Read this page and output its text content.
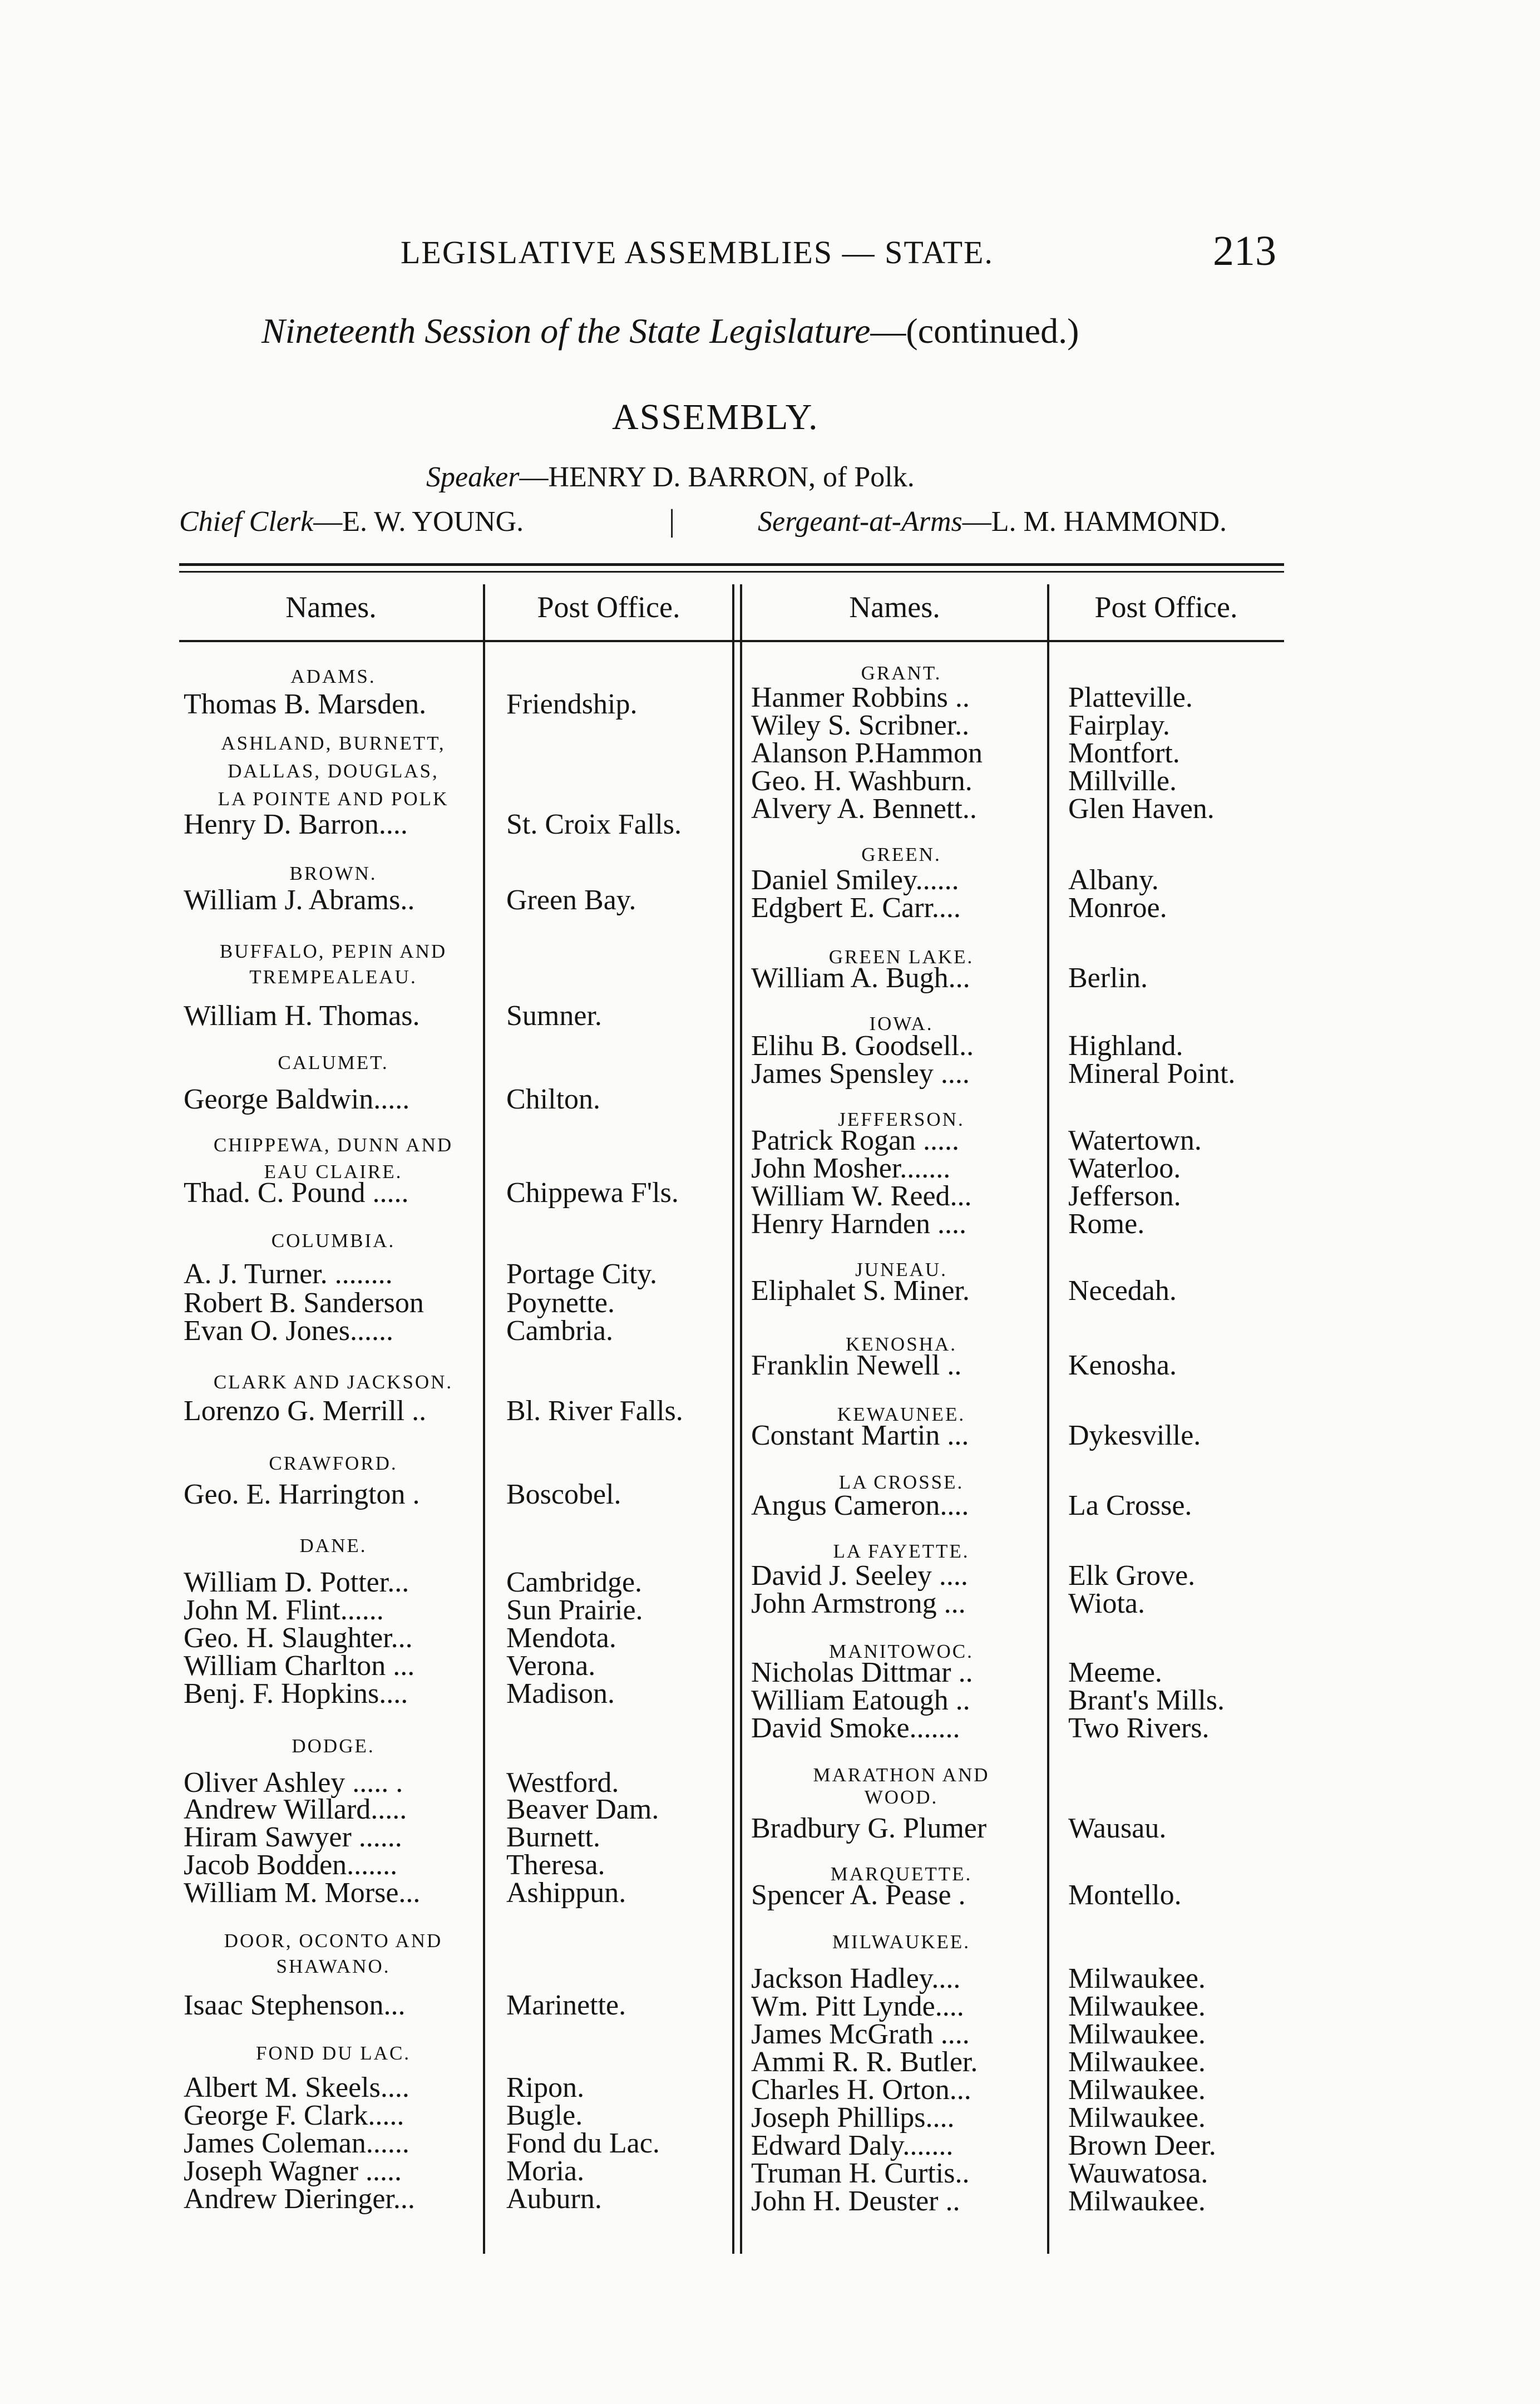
LEGISLATIVE ASSEMBLIES — STATE.	213
Nineteenth Session of the State Legislature—(continued.)
ASSEMBLY.
Speaker—HENRY D. BARRON, of Polk.
Chief Clerk—E. W. YOUNG.	|	Sergeant-at-Arms—L. M. HAMMOND.
Names.	Post Office.	Names.	Post Office.
ADAMS.
Thomas B. Marsden.	Friendship.
ASHLAND, BURNETT,
DALLAS, DOUGLAS,
LA POINTE AND POLK
Henry D. Barron....	St. Croix Falls.
BROWN.
William J. Abrams..	Green Bay.
BUFFALO, PEPIN AND
TREMPEALEAU.
William H. Thomas.	Sumner.
CALUMET.
George Baldwin.....	Chilton.
CHIPPEWA, DUNN AND
EAU CLAIRE.
Thad. C. Pound .....	Chippewa F'ls.
COLUMBIA.
A. J. Turner. ........	Portage City.
Robert B. Sanderson	Poynette.
Evan O. Jones......	Cambria.
CLARK AND JACKSON.
Lorenzo G. Merrill ..	Bl. River Falls.
CRAWFORD.
Geo. E. Harrington .	Boscobel.
DANE.
William D. Potter...	Cambridge.
John M. Flint......	Sun Prairie.
Geo. H. Slaughter...	Mendota.
William Charlton ...	Verona.
Benj. F. Hopkins....	Madison.
DODGE.
Oliver Ashley ..... .	Westford.
Andrew Willard.....	Beaver Dam.
Hiram Sawyer ......	Burnett.
Jacob Bodden.......	Theresa.
William M. Morse...	Ashippun.
DOOR, OCONTO AND
SHAWANO.
Isaac Stephenson...	Marinette.
FOND DU LAC.
Albert M. Skeels....	Ripon.
George F. Clark.....	Bugle.
James Coleman......	Fond du Lac.
Joseph Wagner .....	Moria.
Andrew Dieringer...	Auburn.
GRANT.
Hanmer Robbins ..	Platteville.
Wiley S. Scribner..	Fairplay.
Alanson P.Hammon	Montfort.
Geo. H. Washburn.	Millville.
Alvery A. Bennett..	Glen Haven.
GREEN.
Daniel Smiley......	Albany.
Edgbert E. Carr....	Monroe.
GREEN LAKE.
William A. Bugh...	Berlin.
IOWA.
Elihu B. Goodsell..	Highland.
James Spensley ....	Mineral Point.
JEFFERSON.
Patrick Rogan .....	Watertown.
John Mosher.......	Waterloo.
William W. Reed...	Jefferson.
Henry Harnden ....	Rome.
JUNEAU.
Eliphalet S. Miner.	Necedah.
KENOSHA.
Franklin Newell ..	Kenosha.
KEWAUNEE.
Constant Martin ...	Dykesville.
LA CROSSE.
Angus Cameron....	La Crosse.
LA FAYETTE.
David J. Seeley ....	Elk Grove.
John Armstrong ...	Wiota.
MANITOWOC.
Nicholas Dittmar ..	Meeme.
William Eatough ..	Brant's Mills.
David Smoke.......	Two Rivers.
MARATHON AND
WOOD.
Bradbury G. Plumer	Wausau.
MARQUETTE.
Spencer A. Pease .	Montello.
MILWAUKEE.
Jackson Hadley....	Milwaukee.
Wm. Pitt Lynde....	Milwaukee.
James McGrath ....	Milwaukee.
Ammi R. R. Butler.	Milwaukee.
Charles H. Orton...	Milwaukee.
Joseph Phillips....	Milwaukee.
Edward Daly.......	Brown Deer.
Truman H. Curtis..	Wauwatosa.
John H. Deuster ..	Milwaukee.
